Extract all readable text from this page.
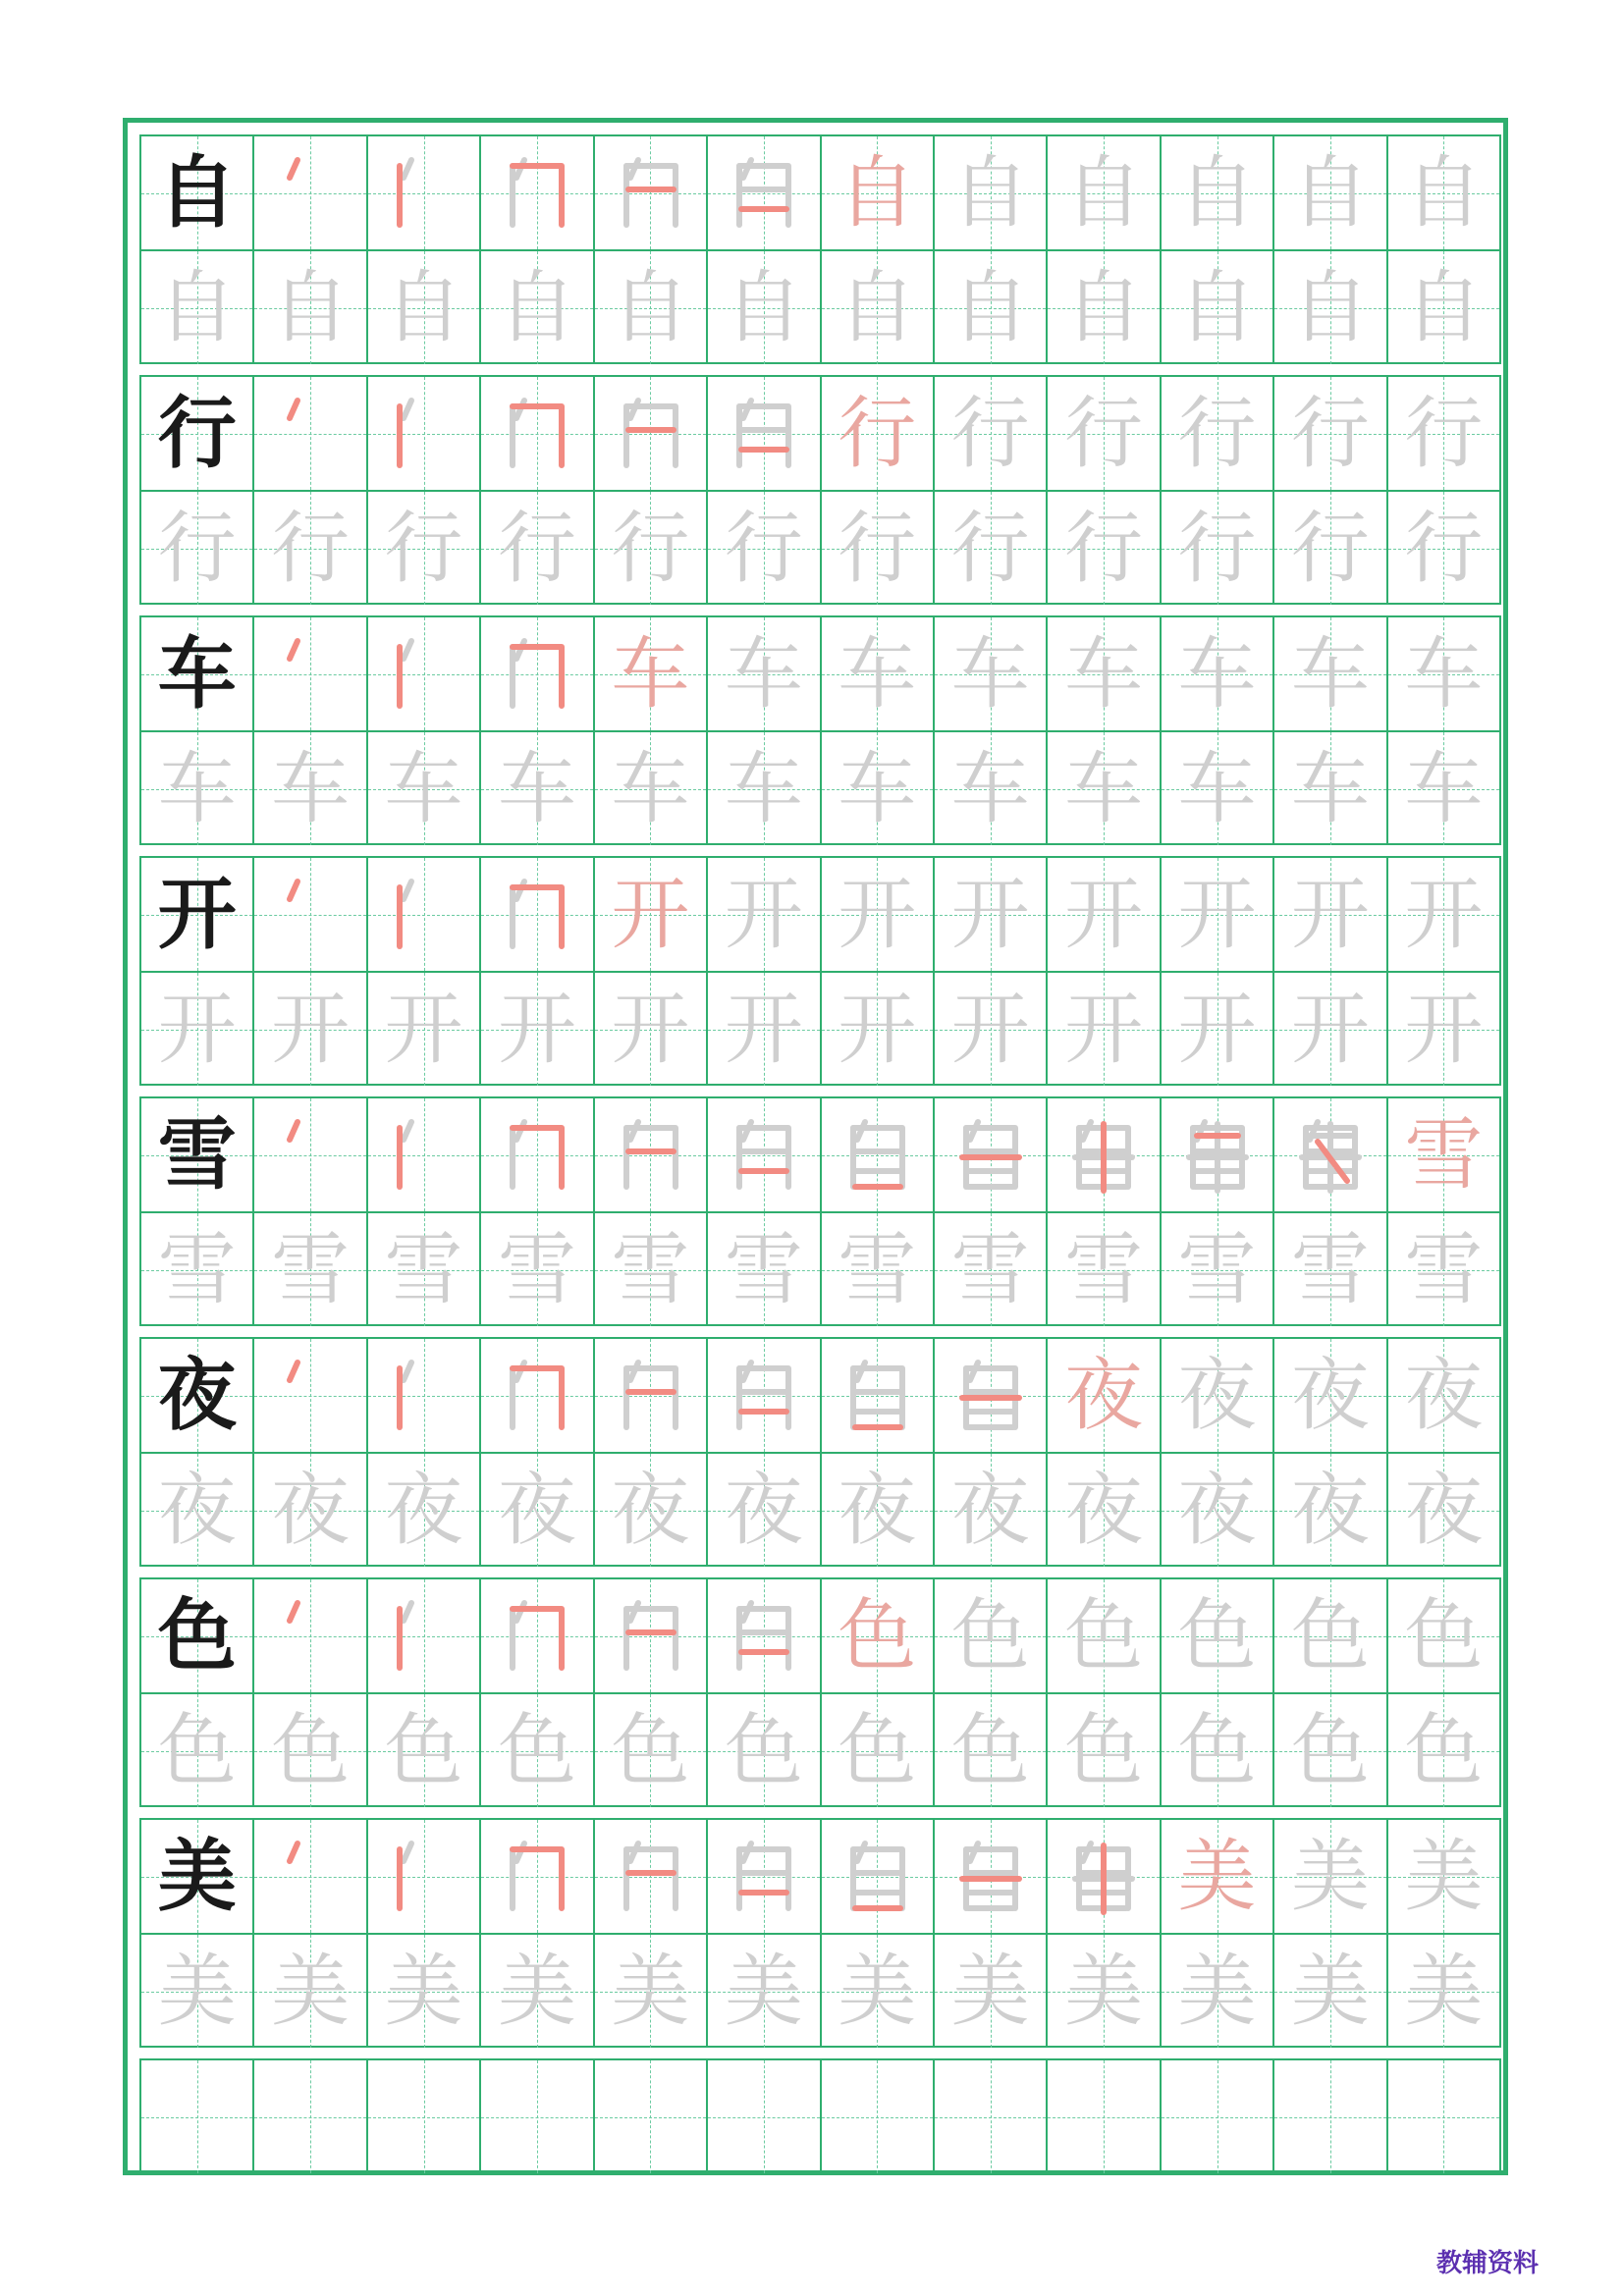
自	自 自 自 自 自 自
自 自 自 自 自 自 自 自 自 自 自 自
行	行 行 行 行 行 行
行 行 行 行 行 行 行 行 行 行 行 行
车	车 车 车 车 车 车 车 车
车 车 车 车 车 车 车 车 车 车 车 车
开	开 开 开 开 开 开 开 开
开 开 开 开 开 开 开 开 开 开 开 开
雪	雪
雪 雪 雪 雪 雪 雪 雪 雪 雪 雪 雪 雪
夜	夜 夜 夜 夜
夜 夜 夜 夜 夜 夜 夜 夜 夜 夜 夜 夜
色	色 色 色 色 色 色
色 色 色 色 色 色 色 色 色 色 色 色
美	美 美 美
美 美 美 美 美 美 美 美 美 美 美 美
教辅资料
